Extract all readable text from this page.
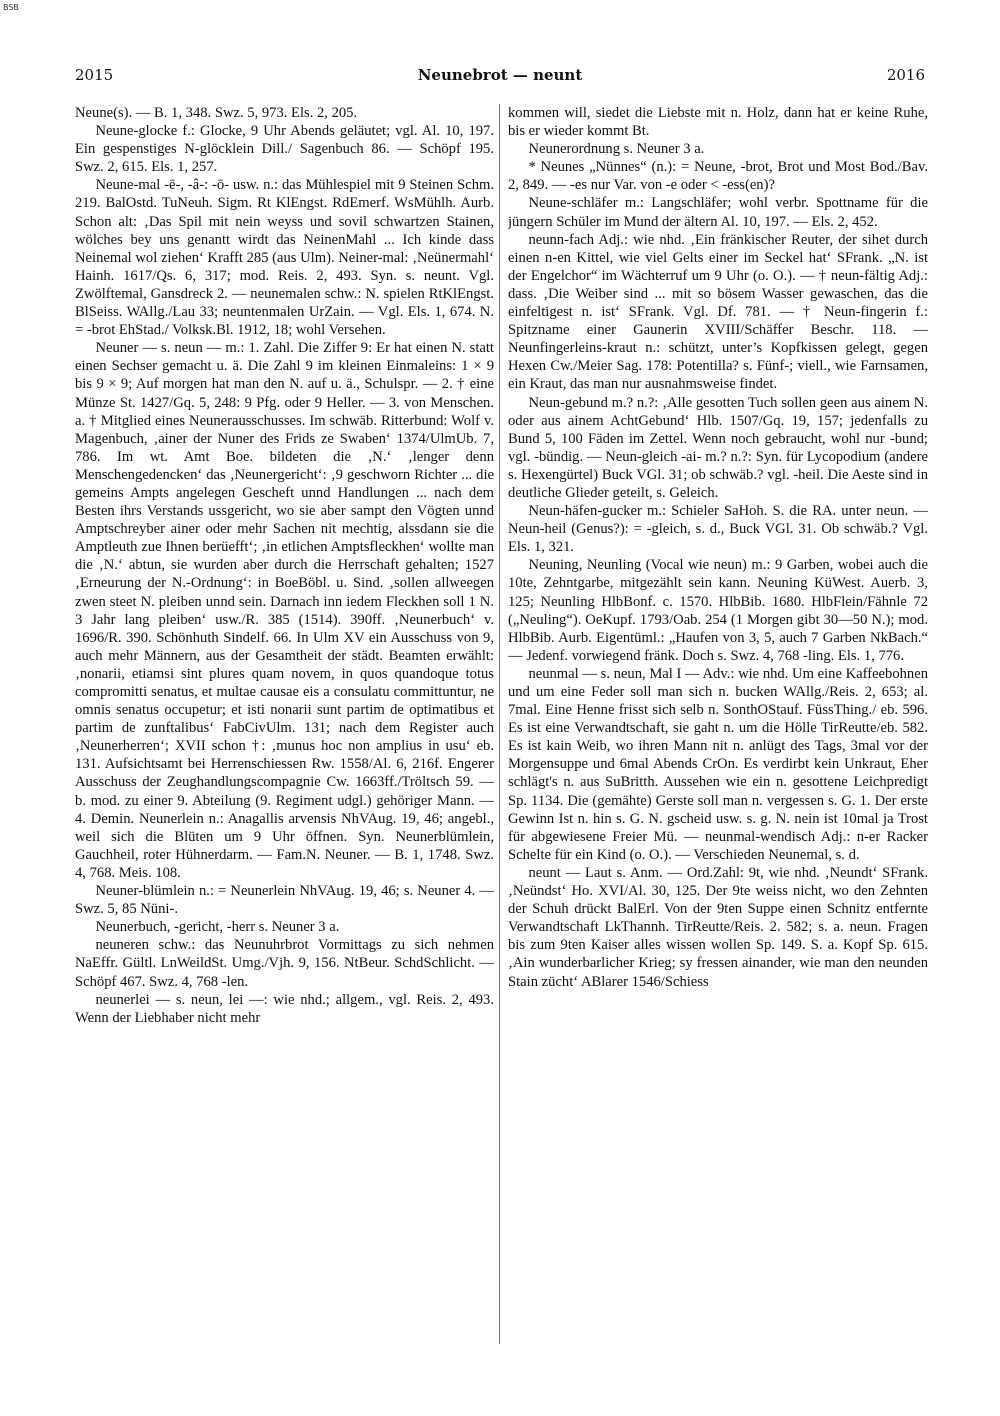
BSB
2015	Neunebrot — neunt	2016

Neune(s). — B. 1, 348. Swz. 5, 973. Els. 2, 205.

Neune-glocke f.: Glocke, 9 Uhr Abends geläutet; vgl. Al. 10, 197. Ein gespenstiges N-glöcklein Dill./ Sagenbuch 86. — Schöpf 195. Swz. 2, 615. Els. 1, 257.

Neune-mal -ē-, -â-: -ō- usw. n.: das Mühlespiel mit 9 Steinen Schm. 219. BalOstd. TuNeuh. Sigm. Rt KlEngst. RdEmerf. WsMühlh. Aurb. Schon alt: ‚Das Spil mit nein weyss und sovil schwartzen Stainen, wölches bey uns genantt wirdt das NeinenMahl ... Ich kinde dass Neinemal wol ziehen‘ Krafft 285 (aus Ulm). Neiner-mal: ‚Neünermahl‘ Hainh. 1617/Qs. 6, 317; mod. Reis. 2, 493. Syn. s. neunt. Vgl. Zwölftemal, Gansdreck 2. — neunemalen schw.: N. spielen RtKlEngst. BlSeiss. WAllg./Lau 33; neuntenmalen UrZain. — Vgl. Els. 1, 674. N. = -brot EhStad./ Volksk.Bl. 1912, 18; wohl Versehen.

Neuner — s. neun — m.: 1. Zahl. Die Ziffer 9: Er hat einen N. statt einen Sechser gemacht u. ä. Die Zahl 9 im kleinen Einmaleins: 1 × 9 bis 9 × 9; Auf morgen hat man den N. auf u. ä., Schulspr. — 2. † eine Münze St. 1427/Gq. 5, 248: 9 Pfg. oder 9 Heller. — 3. von Menschen. a. † Mitglied eines Neunerausschusses. Im schwäb. Ritterbund: Wolf v. Magenbuch, ‚ainer der Nuner des Frids ze Swaben‘ 1374/UlmUb. 7, 786. Im wt. Amt Boe. bildeten die ‚N.‘ ‚lenger denn Menschengedencken‘ das ‚Neunergericht‘: ‚9 geschworn Richter ... die gemeins Ampts angelegen Gescheft unnd Handlungen ... nach dem Besten ihrs Verstands ussgericht, wo sie aber sampt den Vögten unnd Amptschreyber ainer oder mehr Sachen nit mechtig, alssdann sie die Amptleuth zue Ihnen berüefft‘; ‚in etlichen Amptsfleckhen‘ wollte man die ‚N.‘ abtun, sie wurden aber durch die Herrschaft gehalten; 1527 ‚Erneurung der N.-Ordnung‘: in BoeBöbl. u. Sind. ‚sollen allweegen zwen steet N. pleiben unnd sein. Darnach inn iedem Fleckhen soll 1 N. 3 Jahr lang pleiben‘ usw./R. 385 (1514). 390ff. ‚Neunerbuch‘ v. 1696/R. 390. Schönhuth Sindelf. 66. In Ulm XV ein Ausschuss von 9, auch mehr Männern, aus der Gesamtheit der städt. Beamten erwählt: ‚nonarii, etiamsi sint plures quam novem, in quos quandoque totus compromitti senatus, et multae causae eis a consulatu committuntur, ne omnis senatus occupetur; et isti nonarii sunt partim de optimatibus et partim de zunftalibus‘ FabCivUlm. 131; nach dem Register auch ‚Neunerherren‘; XVII schon †: ‚munus hoc non amplius in usu‘ eb. 131. Aufsichtsamt bei Herrenschiessen Rw. 1558/Al. 6, 216f. Engerer Ausschuss der Zeughandlungscompagnie Cw. 1663ff./Tröltsch 59. — b. mod. zu einer 9. Abteilung (9. Regiment udgl.) gehöriger Mann. — 4. Demin. Neunerlein n.: Anagallis arvensis NhVAug. 19, 46; angebl., weil sich die Blüten um 9 Uhr öffnen. Syn. Neunerblümlein, Gauchheil, roter Hühnerdarm. — Fam.N. Neuner. — B. 1, 1748. Swz. 4, 768. Meis. 108.

Neuner-blümlein n.: = Neunerlein NhVAug. 19, 46; s. Neuner 4. — Swz. 5, 85 Nüni-.

Neunerbuch, -gericht, -herr s. Neuner 3 a.

neuneren schw.: das Neunuhrbrot Vormittags zu sich nehmen NaEffr. Gültl. LnWeildSt. Umg./Vjh. 9, 156. NtBeur. SchdSchlicht. — Schöpf 467. Swz. 4, 768 -len.

neunerlei — s. neun, lei —: wie nhd.; allgem., vgl. Reis. 2, 493. Wenn der Liebhaber nicht mehr

kommen will, siedet die Liebste mit n. Holz, dann hat er keine Ruhe, bis er wieder kommt Bt.

Neunerordnung s. Neuner 3 a.

* Neunes „Nünnes“ (n.): = Neune, -brot, Brot und Most Bod./Bav. 2, 849. — -es nur Var. von -e oder < -ess(en)?

Neune-schläfer m.: Langschläfer; wohl verbr. Spottname für die jüngern Schüler im Mund der ältern Al. 10, 197. — Els. 2, 452.

neunn-fach Adj.: wie nhd. ‚Ein fränkischer Reuter, der sihet durch einen n-en Kittel, wie viel Gelts einer im Seckel hat‘ SFrank. „N. ist der Engelchor“ im Wächterruf um 9 Uhr (o. O.). — † neun-fältig Adj.: dass. ‚Die Weiber sind ... mit so bösem Wasser gewaschen, das die einfeltigest n. ist‘ SFrank. Vgl. Df. 781. — † Neun-fingerin f.: Spitzname einer Gaunerin XVIII/Schäffer Beschr. 118. — Neunfingerleins-kraut n.: schützt, unter’s Kopfkissen gelegt, gegen Hexen Cw./Meier Sag. 178: Potentilla? s. Fünf-; viell., wie Farnsamen, ein Kraut, das man nur ausnahmsweise findet.

Neun-gebund m.? n.?: ‚Alle gesotten Tuch sollen geen aus ainem N. oder aus ainem AchtGebund‘ Hlb. 1507/Gq. 19, 157; jedenfalls zu Bund 5, 100 Fäden im Zettel. Wenn noch gebraucht, wohl nur -bund; vgl. -bündig. — Neun-gleich -ai- m.? n.?: Syn. für Lycopodium (andere s. Hexengürtel) Buck VGl. 31; ob schwäb.? vgl. -heil. Die Aeste sind in deutliche Glieder geteilt, s. Geleich.

Neun-häfen-gucker m.: Schieler SaHoh. S. die RA. unter neun. — Neun-heil (Genus?): = -gleich, s. d., Buck VGl. 31. Ob schwäb.? Vgl. Els. 1, 321.

Neuning, Neunling (Vocal wie neun) m.: 9 Garben, wobei auch die 10te, Zehntgarbe, mitgezählt sein kann. Neuning KüWest. Auerb. 3, 125; Neunling HlbBonf. c. 1570. HlbBib. 1680. HlbFlein/Fähnle 72 („Neuling“). OeKupf. 1793/Oab. 254 (1 Morgen gibt 30—50 N.); mod. HlbBib. Aurb. Eigentüml.: „Haufen von 3, 5, auch 7 Garben NkBach.“ — Jedenf. vorwiegend fränk. Doch s. Swz. 4, 768 -ling. Els. 1, 776.

neunmal — s. neun, Mal I — Adv.: wie nhd. Um eine Kaffeebohnen und um eine Feder soll man sich n. bucken WAllg./Reis. 2, 653; al. 7mal. Eine Henne frisst sich selb n. SonthOStauf. FüssThing./ eb. 596. Es ist eine Verwandtschaft, sie gaht n. um die Hölle TirReutte/eb. 582. Es ist kain Weib, wo ihren Mann nit n. anlügt des Tags, 3mal vor der Morgensuppe und 6mal Abends CrOn. Es verdirbt kein Unkraut, Eher schlägt's n. aus SuBritth. Aussehen wie ein n. gesottene Leichpredigt Sp. 1134. Die (gemähte) Gerste soll man n. vergessen s. G. 1. Der erste Gewinn Ist n. hin s. G. N. gscheid usw. s. g. N. nein ist 10mal ja Trost für abgewiesene Freier Mü. — neunmal-wendisch Adj.: n-er Racker Schelte für ein Kind (o. O.). — Verschieden Neunemal, s. d.

neunt — Laut s. Anm. — Ord.Zahl: 9t, wie nhd. ‚Neundt‘ SFrank. ‚Neündst‘ Ho. XVI/Al. 30, 125. Der 9te weiss nicht, wo den Zehnten der Schuh drückt BalErl. Von der 9ten Suppe einen Schnitz entfernte Verwandtschaft LkThannh. TirReutte/Reis. 2. 582; s. a. neun. Fragen bis zum 9ten Kaiser alles wissen wollen Sp. 149. S. a. Kopf Sp. 615. ‚Ain wunderbarlicher Krieg; sy fressen ainander, wie man den neunden Stain zücht‘ ABlarer 1546/Schiess
